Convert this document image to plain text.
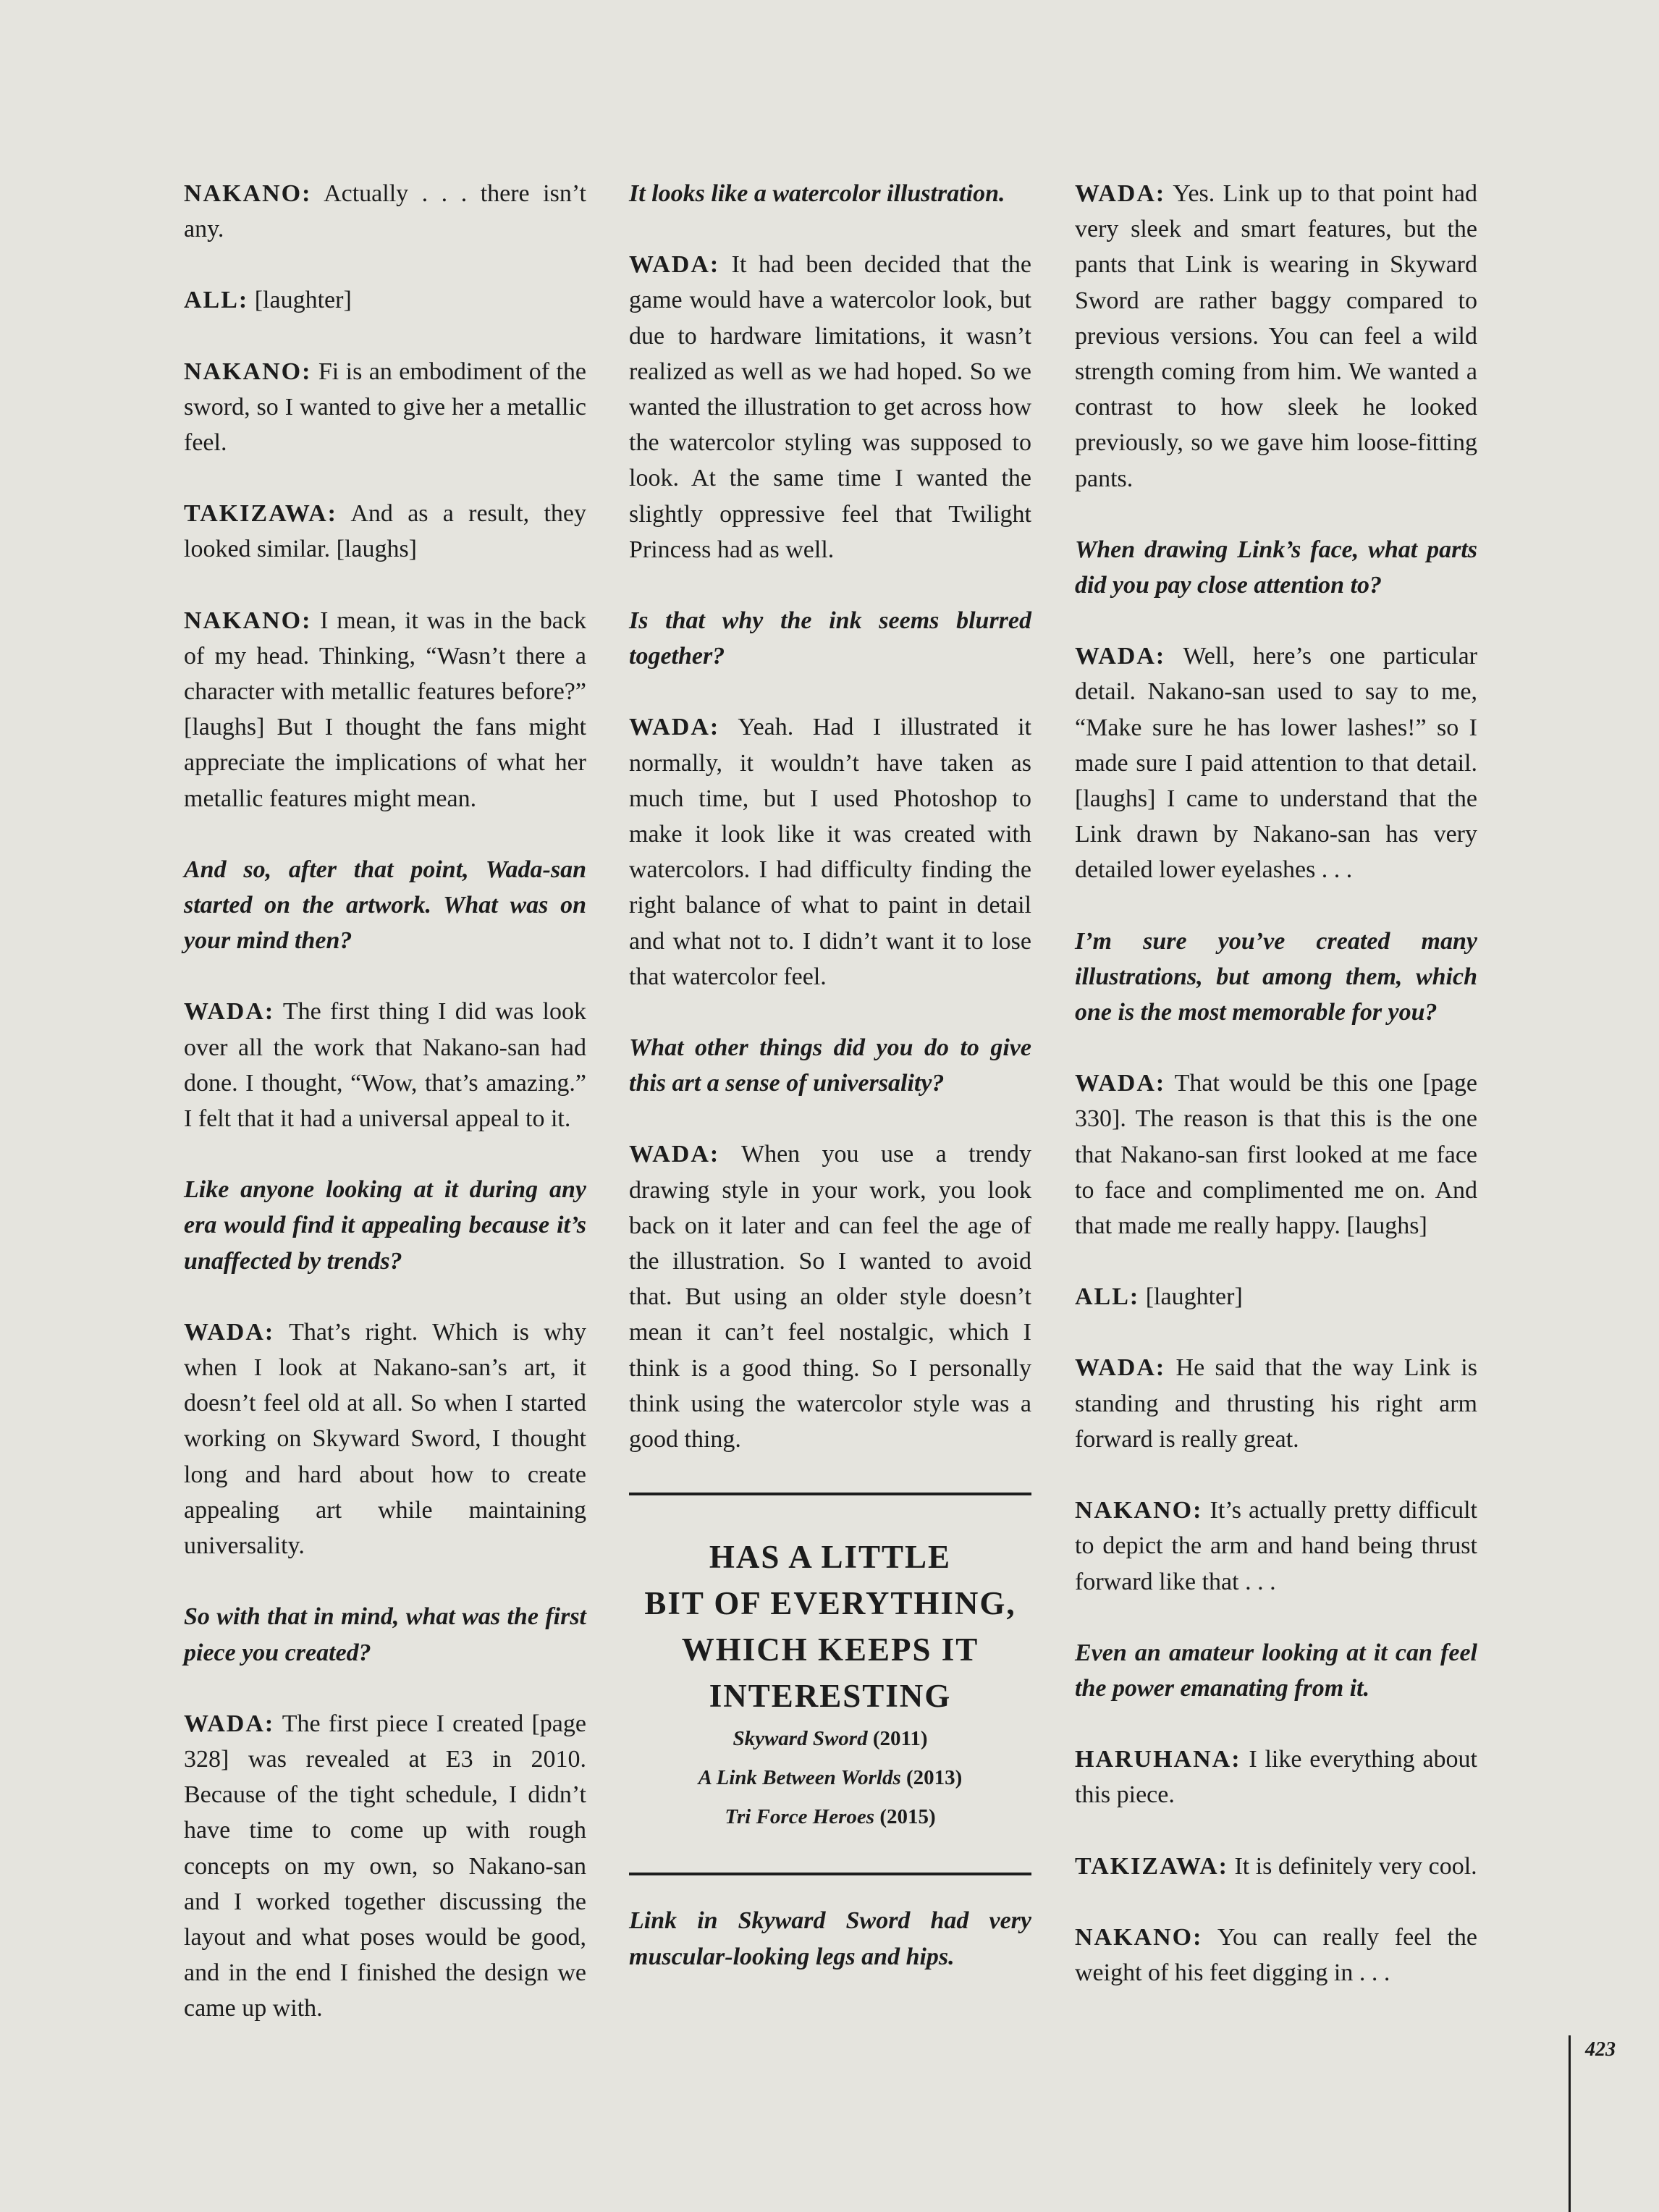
NAKANO: Actually . . . there isn’t any.
ALL: [laughter]
NAKANO: Fi is an embodiment of the sword, so I wanted to give her a metallic feel.
TAKIZAWA: And as a result, they looked similar. [laughs]
NAKANO: I mean, it was in the back of my head. Thinking, “Wasn’t there a character with metallic features before?” [laughs] But I thought the fans might appreciate the implications of what her metallic features might mean.
And so, after that point, Wada-san started on the artwork. What was on your mind then?
WADA: The first thing I did was look over all the work that Nakano-san had done. I thought, “Wow, that’s amazing.” I felt that it had a universal appeal to it.
Like anyone looking at it during any era would find it appealing because it’s unaffected by trends?
WADA: That’s right. Which is why when I look at Nakano-san’s art, it doesn’t feel old at all. So when I started working on Skyward Sword, I thought long and hard about how to create appealing art while maintaining universality.
So with that in mind, what was the first piece you created?
WADA: The first piece I created [page 328] was revealed at E3 in 2010. Because of the tight schedule, I didn’t have time to come up with rough concepts on my own, so Nakano-san and I worked together discussing the layout and what poses would be good, and in the end I finished the design we came up with.
It looks like a watercolor illustration.
WADA: It had been decided that the game would have a watercolor look, but due to hardware limitations, it wasn’t realized as well as we had hoped. So we wanted the illustration to get across how the watercolor styling was supposed to look. At the same time I wanted the slightly oppressive feel that Twilight Princess had as well.
Is that why the ink seems blurred together?
WADA: Yeah. Had I illustrated it normally, it wouldn’t have taken as much time, but I used Photoshop to make it look like it was created with watercolors. I had difficulty finding the right balance of what to paint in detail and what not to. I didn’t want it to lose that watercolor feel.
What other things did you do to give this art a sense of universality?
WADA: When you use a trendy drawing style in your work, you look back on it later and can feel the age of the illustration. So I wanted to avoid that. But using an older style doesn’t mean it can’t feel nostalgic, which I think is a good thing. So I personally think using the watercolor style was a good thing.
HAS A LITTLE
BIT OF EVERYTHING,
WHICH KEEPS IT
INTERESTING
Skyward Sword (2011)
A Link Between Worlds (2013)
Tri Force Heroes (2015)
Link in Skyward Sword had very muscular-looking legs and hips.
WADA: Yes. Link up to that point had very sleek and smart features, but the pants that Link is wearing in Skyward Sword are rather baggy compared to previous versions. You can feel a wild strength coming from him. We wanted a contrast to how sleek he looked previously, so we gave him loose-fitting pants.
When drawing Link’s face, what parts did you pay close attention to?
WADA: Well, here’s one particular detail. Nakano-san used to say to me, “Make sure he has lower lashes!” so I made sure I paid attention to that detail. [laughs] I came to understand that the Link drawn by Nakano-san has very detailed lower eyelashes . . .
I’m sure you’ve created many illustrations, but among them, which one is the most memorable for you?
WADA: That would be this one [page 330]. The reason is that this is the one that Nakano-san first looked at me face to face and complimented me on. And that made me really happy. [laughs]
ALL: [laughter]
WADA: He said that the way Link is standing and thrusting his right arm forward is really great.
NAKANO: It’s actually pretty difficult to depict the arm and hand being thrust forward like that . . .
Even an amateur looking at it can feel the power emanating from it.
HARUHANA: I like everything about this piece.
TAKIZAWA: It is definitely very cool.
NAKANO: You can really feel the weight of his feet digging in . . .
423
